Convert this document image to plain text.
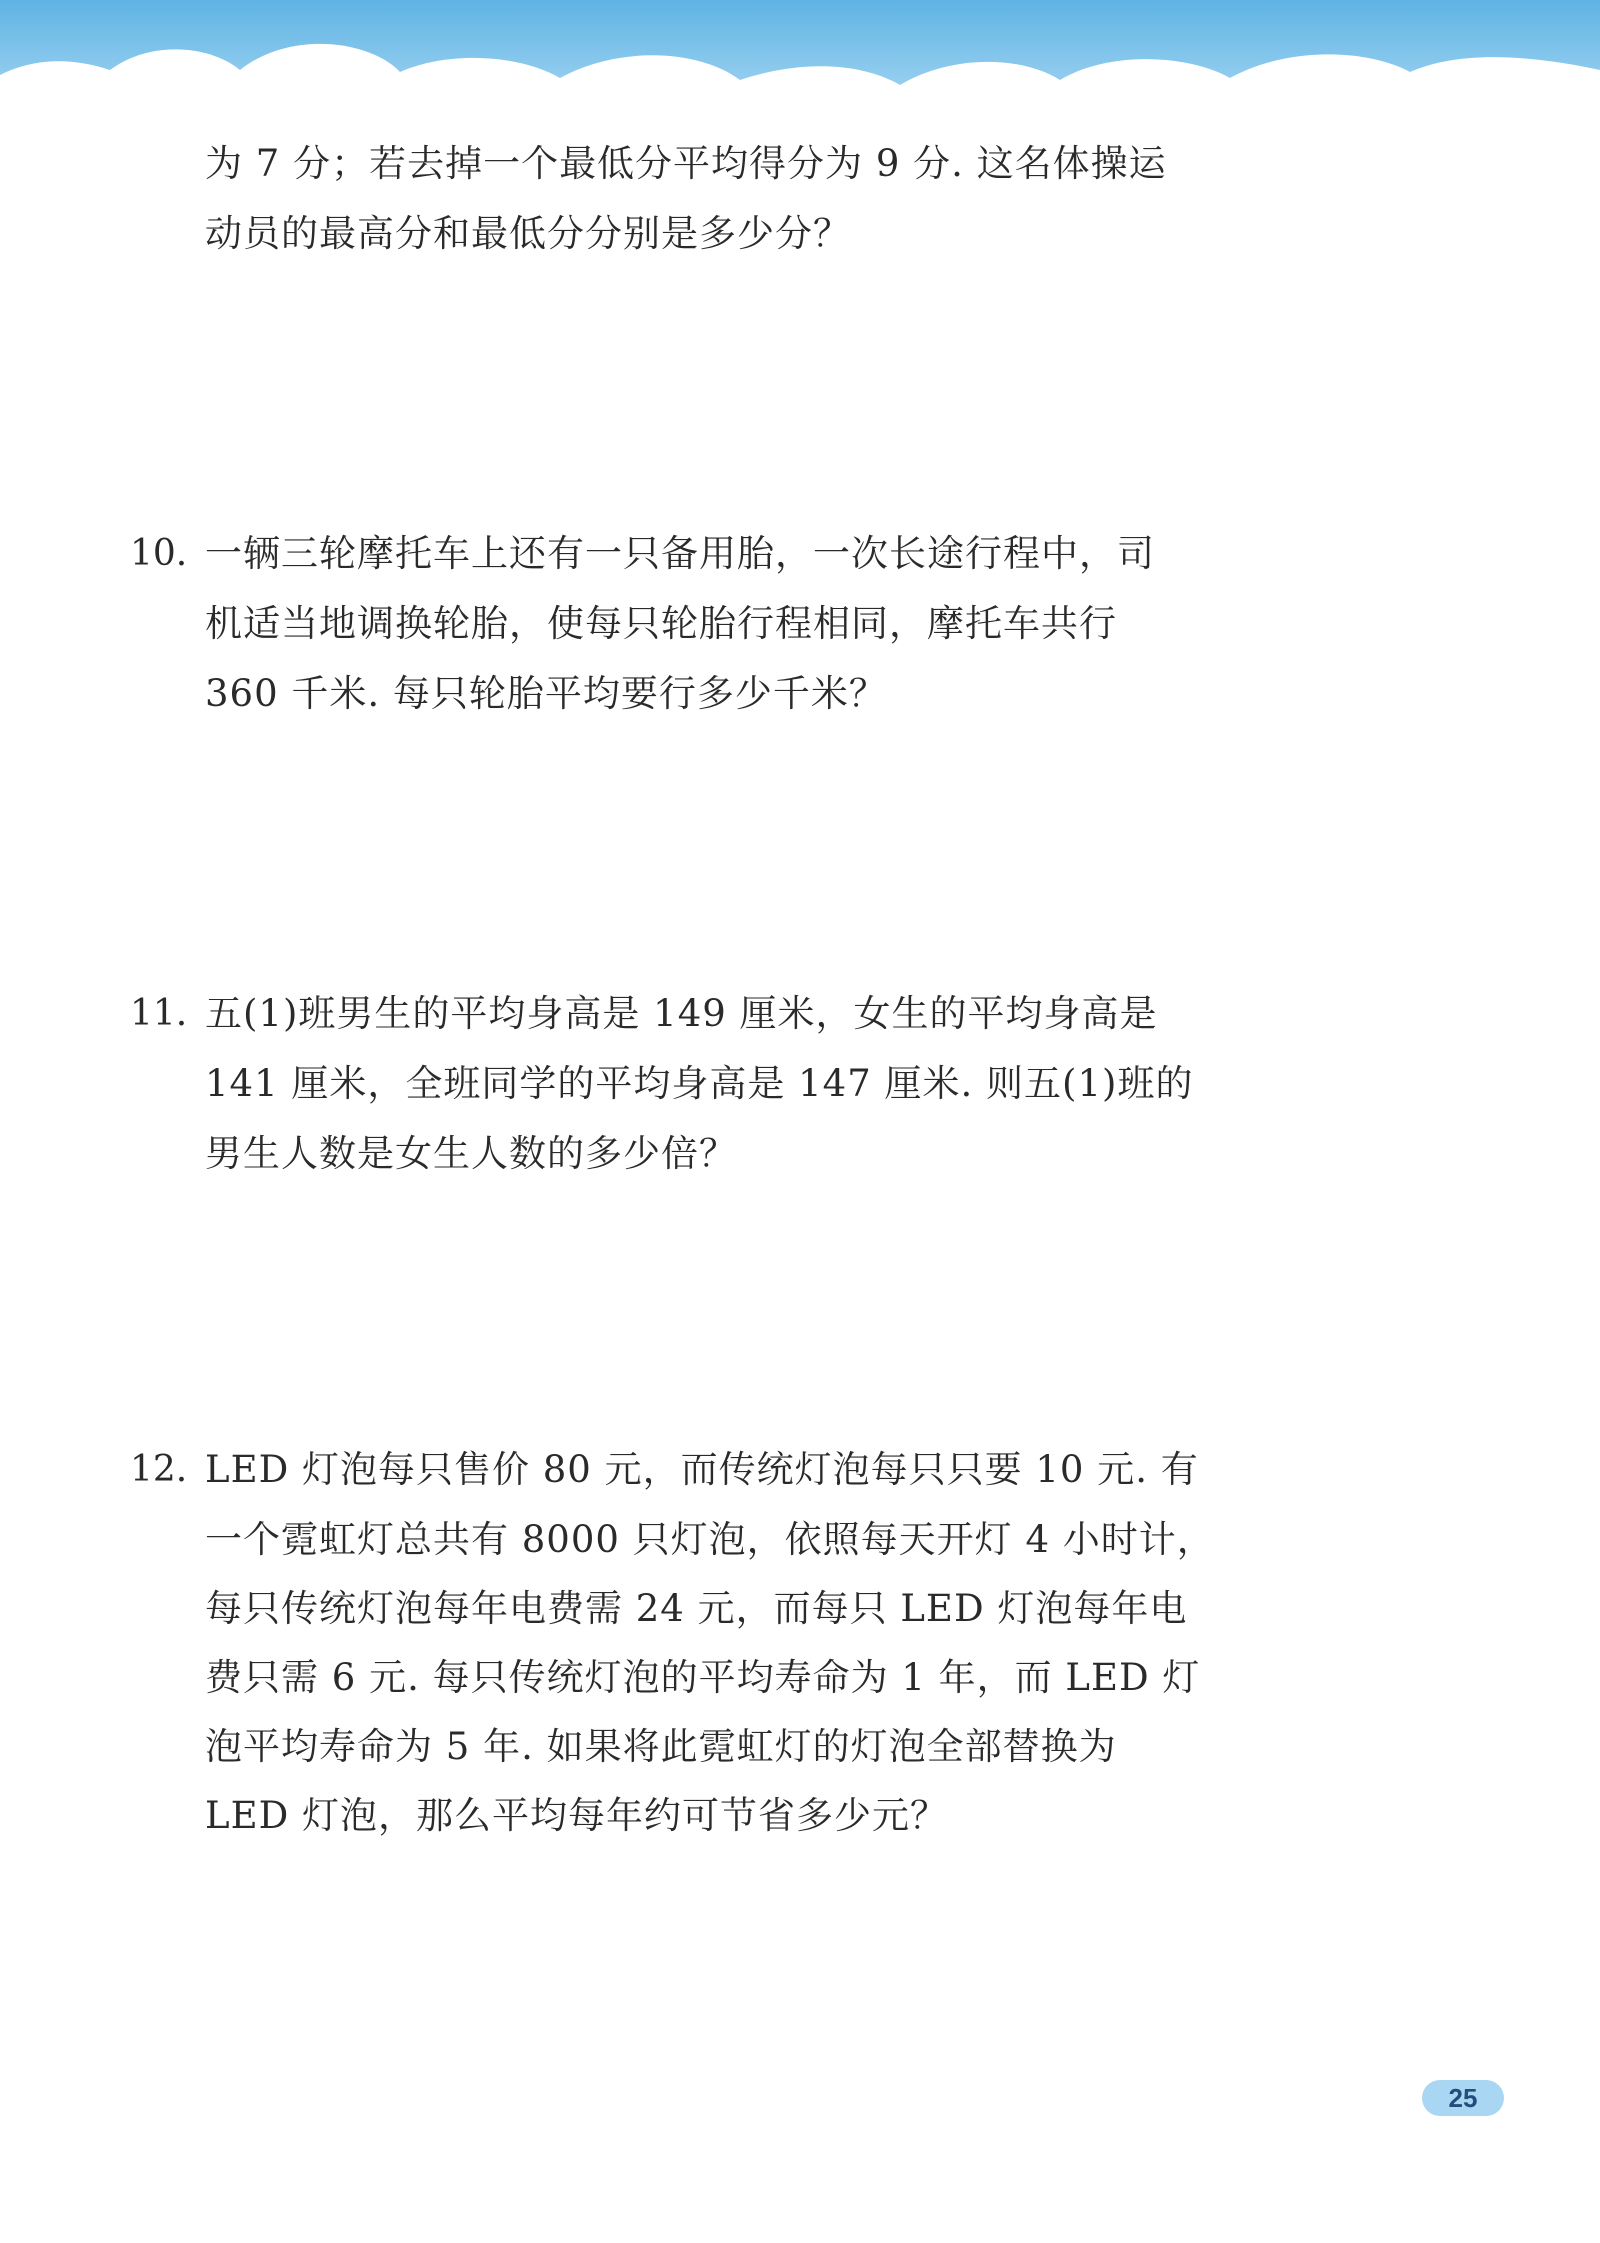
为 7 分；若去掉一个最低分平均得分为 9 分. 这名体操运
动员的最高分和最低分分别是多少分？
10. 一辆三轮摩托车上还有一只备用胎，一次长途行程中，司
机适当地调换轮胎，使每只轮胎行程相同，摩托车共行
360 千米. 每只轮胎平均要行多少千米？
11. 五(1)班男生的平均身高是 149 厘米，女生的平均身高是
141 厘米，全班同学的平均身高是 147 厘米. 则五(1)班的
男生人数是女生人数的多少倍？
12. LED 灯泡每只售价 80 元，而传统灯泡每只只要 10 元. 有
一个霓虹灯总共有 8000 只灯泡，依照每天开灯 4 小时计，
每只传统灯泡每年电费需 24 元，而每只 LED 灯泡每年电
费只需 6 元. 每只传统灯泡的平均寿命为 1 年，而 LED 灯
泡平均寿命为 5 年. 如果将此霓虹灯的灯泡全部替换为
LED 灯泡，那么平均每年约可节省多少元？
25
